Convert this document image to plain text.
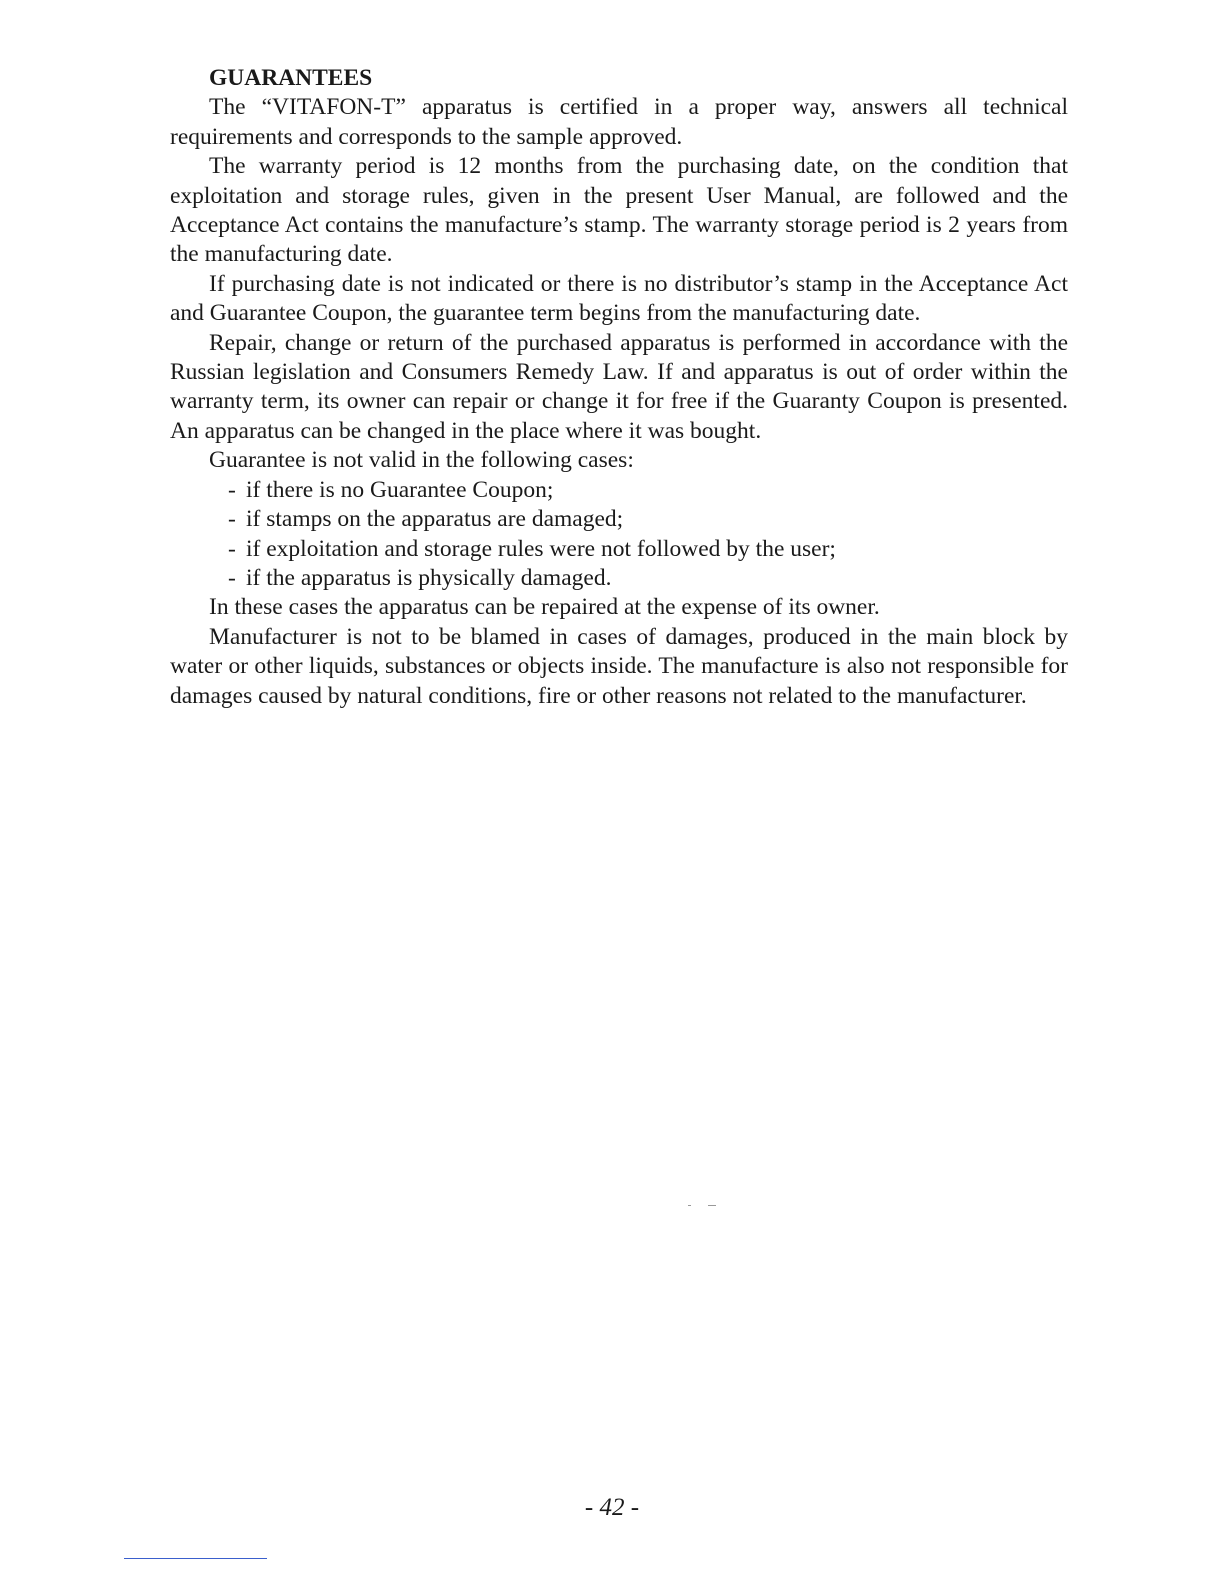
GUARANTEES

The “VITAFON-T” apparatus is certified in a proper way, answers all technical requirements and corresponds to the sample approved.

The warranty period is 12 months from the purchasing date, on the condition that exploitation and storage rules, given in the present User Manual, are followed and the Acceptance Act contains the manufacture’s stamp. The warranty storage period is 2 years from the manufacturing date.

If purchasing date is not indicated or there is no distributor’s stamp in the Acceptance Act and Guarantee Coupon, the guarantee term begins from the manufacturing date.

Repair, change or return of the purchased apparatus is performed in accordance with the Russian legislation and Consumers Remedy Law. If and apparatus is out of order within the warranty term, its owner can repair or change it for free if the Guaranty Coupon is presented. An apparatus can be changed in the place where it was bought.

Guarantee is not valid in the following cases:

- if there is no Guarantee Coupon;
- if stamps on the apparatus are damaged;
- if exploitation and storage rules were not followed by the user;
- if the apparatus is physically damaged.

In these cases the apparatus can be repaired at the expense of its owner.

Manufacturer is not to be blamed in cases of damages, produced in the main block by water or other liquids, substances or objects inside. The manufacture is also not responsible for damages caused by natural conditions, fire or other reasons not related to the manufacturer.

- 42 -
